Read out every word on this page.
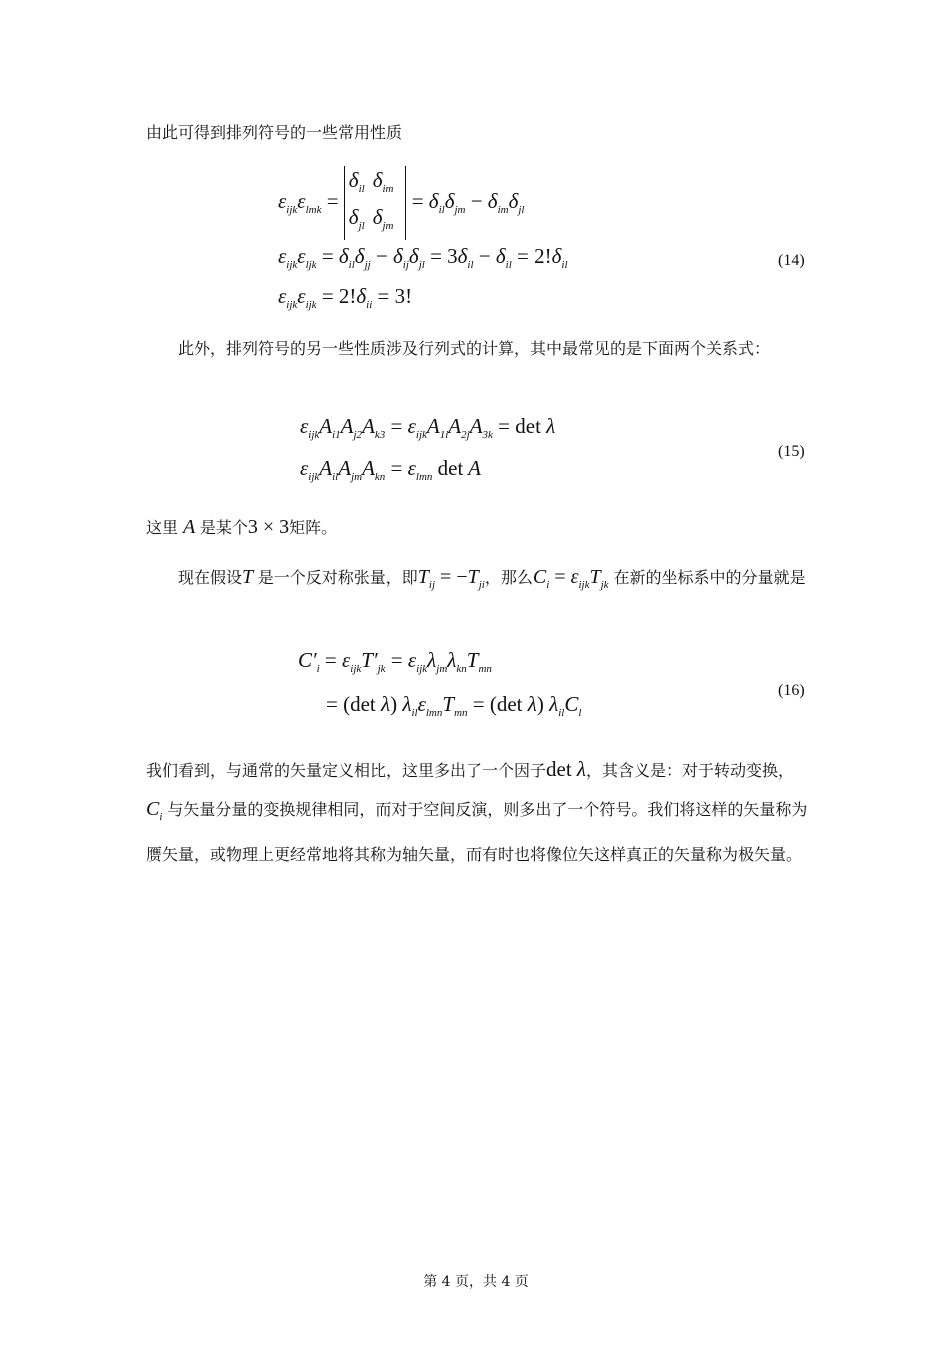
由此可得到排列符号的一些常用性质

$\varepsilon_{ijk}\varepsilon_{lmk}$ =
$\delta_{il}$	$\delta_{im}$
$\delta_{jl}$	$\delta_{jm}$
= $\delta_{il}\delta_{jm} - \delta_{im}\delta_{jl}$
$\varepsilon_{ijk}\varepsilon_{ljk} = \delta_{il}\delta_{jj} - \delta_{ij}\delta_{jl} = 3\delta_{il} - \delta_{il} = 2!\delta_{il}$
$\varepsilon_{ijk}\varepsilon_{ijk} = 2!\delta_{ii} = 3$!
(14)

此外，排列符号的另一些性质涉及行列式的计算，其中最常见的是下面两个关系式：

$\varepsilon_{ijk}A_{i1}A_{j2}A_{k3} = \varepsilon_{ijk}A_{1i}A_{2j}A_{3k} = \det \lambda$
$\varepsilon_{ijk}A_{il}A_{jm}A_{kn} = \varepsilon_{lmn}$ det A
(15)

这里 A 是某个3 × 3矩阵。

现在假设T 是一个反对称张量，即$T_{ij} = -T_{ji}$，那么$C_i = \varepsilon_{ijk}T_{jk}$ 在新的坐标系中的分量就是

$C'_i = \varepsilon_{ijk}T'_{jk} = \varepsilon_{ijk}\lambda_{jm}\lambda_{kn}T_{mn}$
= (det λ) $\lambda_{il}\varepsilon_{lmn}T_{mn} = (\det$ λ) $\lambda_{il}C_l$
(16)

我们看到，与通常的矢量定义相比，这里多出了一个因子det λ，其含义是：对于转动变换，$C_i$ 与矢量分量的变换规律相同，而对于空间反演，则多出了一个符号。我们将这样的矢量称为赝矢量，或物理上更经常地将其称为轴矢量，而有时也将像位矢这样真正的矢量称为极矢量。

第 4 页，共 4 页
